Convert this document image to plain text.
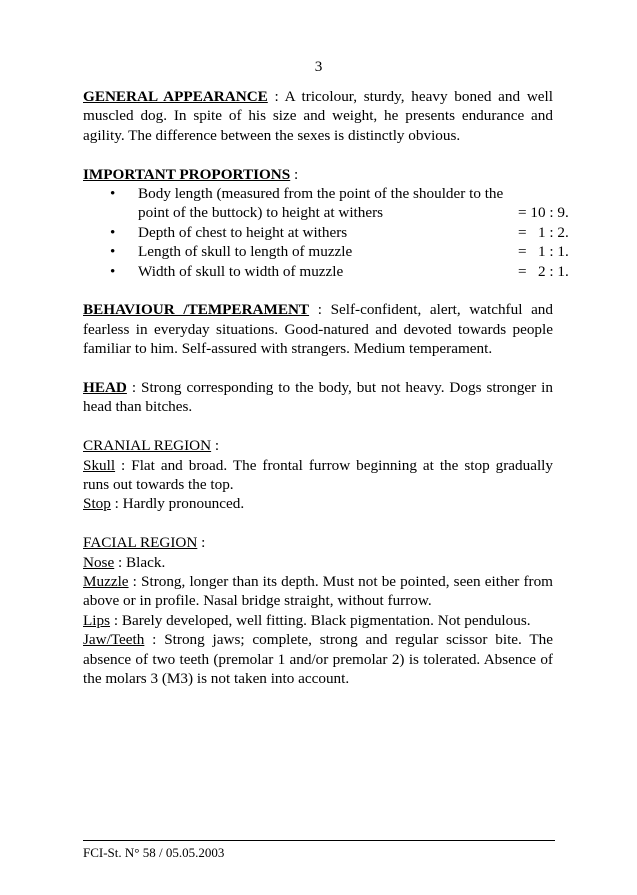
3

GENERAL APPEARANCE : A tricolour, sturdy, heavy boned and well muscled dog. In spite of his size and weight, he presents endurance and agility. The difference between the sexes is distinctly obvious.

IMPORTANT PROPORTIONS :

• Body length (measured from the point of the shoulder to the
point of the buttock) to height at withers	= 10 : 9.
• Depth of chest to height at withers	=   1 : 2.
• Length of skull to length of muzzle	=   1 : 1.
• Width of skull to width of muzzle	=   2 : 1.

BEHAVIOUR /TEMPERAMENT : Self-confident, alert, watchful and fearless in everyday situations. Good-natured and devoted towards people familiar to him. Self-assured with strangers. Medium temperament.

HEAD : Strong corresponding to the body, but not heavy. Dogs stronger in head than bitches.

CRANIAL REGION :

Skull : Flat and broad. The frontal furrow beginning at the stop gradually runs out towards the top.

Stop : Hardly pronounced.

FACIAL REGION :

Nose : Black.

Muzzle : Strong, longer than its depth. Must not be pointed, seen either from above or in profile. Nasal bridge straight, without furrow.

Lips : Barely developed, well fitting. Black pigmentation. Not pendulous.

Jaw/Teeth : Strong jaws; complete, strong and regular scissor bite. The absence of two teeth (premolar 1 and/or premolar 2) is tolerated. Absence of the molars 3 (M3) is not taken into account.

FCI-St. N° 58 / 05.05.2003
